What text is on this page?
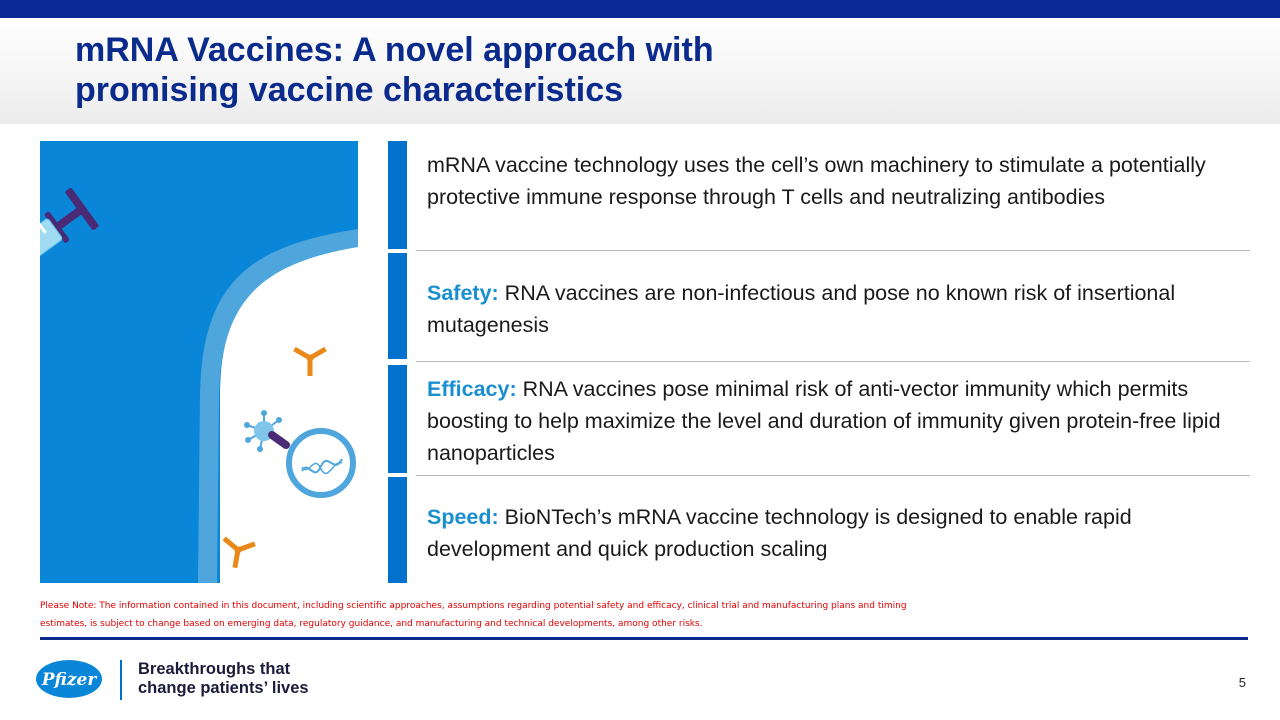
mRNA Vaccines: A novel approach with
promising vaccine characteristics
mRNA vaccine technology uses the cell’s own machinery to stimulate a potentially protective immune response through T cells and neutralizing antibodies
Safety: RNA vaccines are non-infectious and pose no known risk of insertional mutagenesis
Efficacy: RNA vaccines pose minimal risk of anti-vector immunity which permits boosting to help maximize the level and duration of immunity given protein-free lipid nanoparticles
Speed: BioNTech’s mRNA vaccine technology is designed to enable rapid development and quick production scaling
Please Note: The information contained in this document, including scientific approaches, assumptions regarding potential safety and efficacy, clinical trial and manufacturing plans and timing
estimates, is subject to change based on emerging data, regulatory guidance, and manufacturing and technical developments, among other risks.
Pfizer
Breakthroughs that
change patients’ lives	5
